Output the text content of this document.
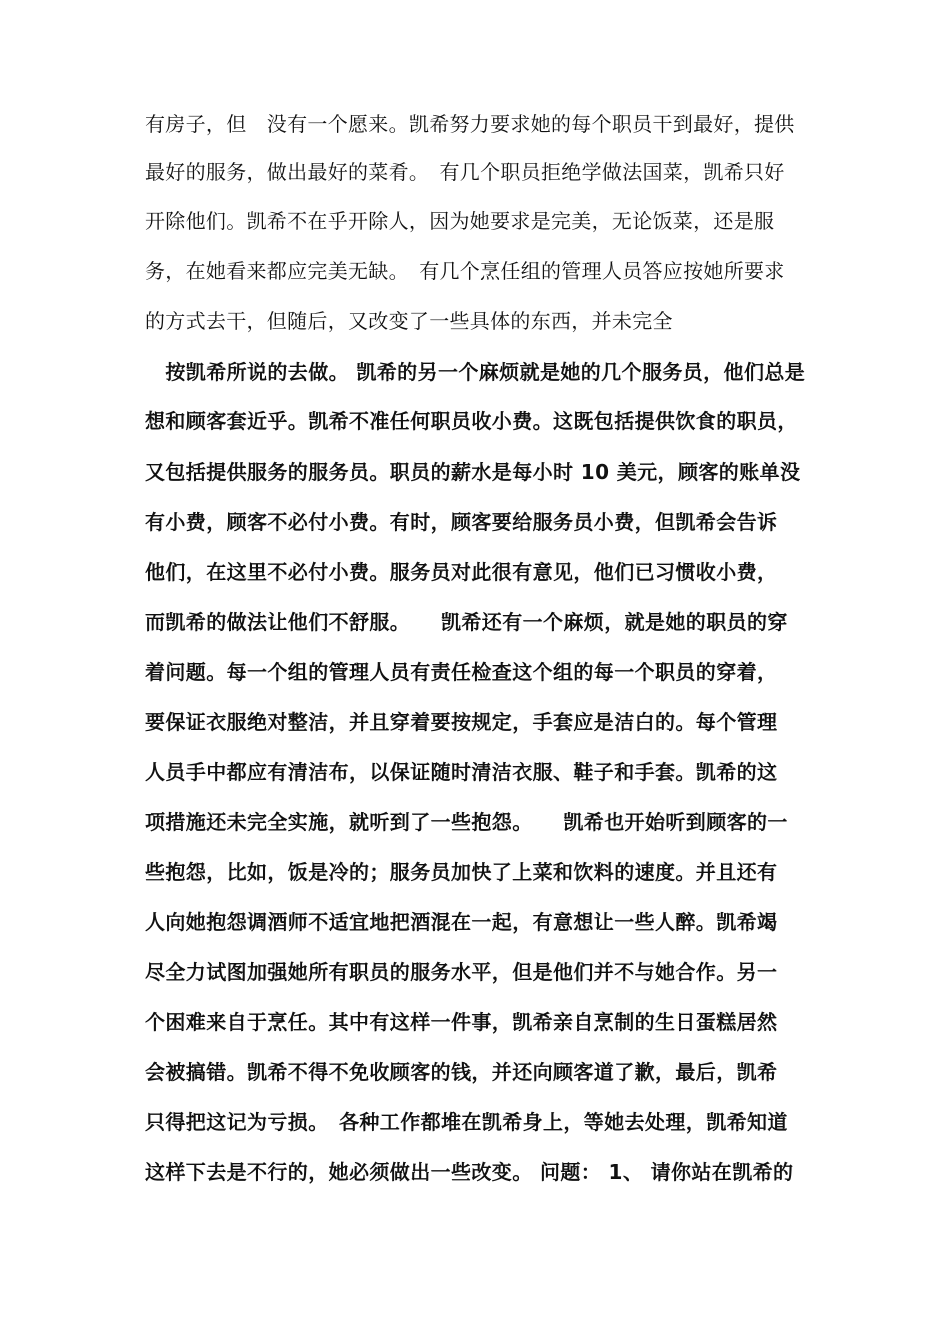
有房子，但　没有一个愿来。凯希努力要求她的每个职员干到最好，提供
最好的服务，做出最好的菜肴。　有几个职员拒绝学做法国菜，凯希只好
开除他们。凯希不在乎开除人，因为她要求是完美，无论饭菜，还是服
务，在她看来都应完美无缺。　有几个烹任组的管理人员答应按她所要求
的方式去干，但随后，又改变了一些具体的东西，并未完全
　按凯希所说的去做。 凯希的另一个麻烦就是她的几个服务员，他们总是
想和顾客套近乎。凯希不准任何职员收小费。这既包括提供饮食的职员，
又包括提供服务的服务员。职员的薪水是每小时 10 美元，顾客的账单没
有小费，顾客不必付小费。有时，顾客要给服务员小费，但凯希会告诉
他们，在这里不必付小费。服务员对此很有意见，他们已习惯收小费，
而凯希的做法让他们不舒服。　　凯希还有一个麻烦，就是她的职员的穿
着问题。每一个组的管理人员有责任检查这个组的每一个职员的穿着，
要保证衣服绝对整洁，并且穿着要按规定，手套应是洁白的。每个管理
人员手中都应有清洁布，以保证随时清洁衣服、鞋子和手套。凯希的这
项措施还未完全实施，就听到了一些抱怨。　　凯希也开始听到顾客的一
些抱怨，比如，饭是冷的；服务员加快了上菜和饮料的速度。并且还有
人向她抱怨调酒师不适宜地把酒混在一起，有意想让一些人醉。凯希竭
尽全力试图加强她所有职员的服务水平，但是他们并不与她合作。另一
个困难来自于烹任。其中有这样一件事，凯希亲自烹制的生日蛋糕居然
会被搞错。凯希不得不免收顾客的钱，并还向顾客道了歉，最后，凯希
只得把这记为亏损。　各种工作都堆在凯希身上，等她去处理，凯希知道
这样下去是不行的，她必须做出一些改变。 问题： 1、 请你站在凯希的
